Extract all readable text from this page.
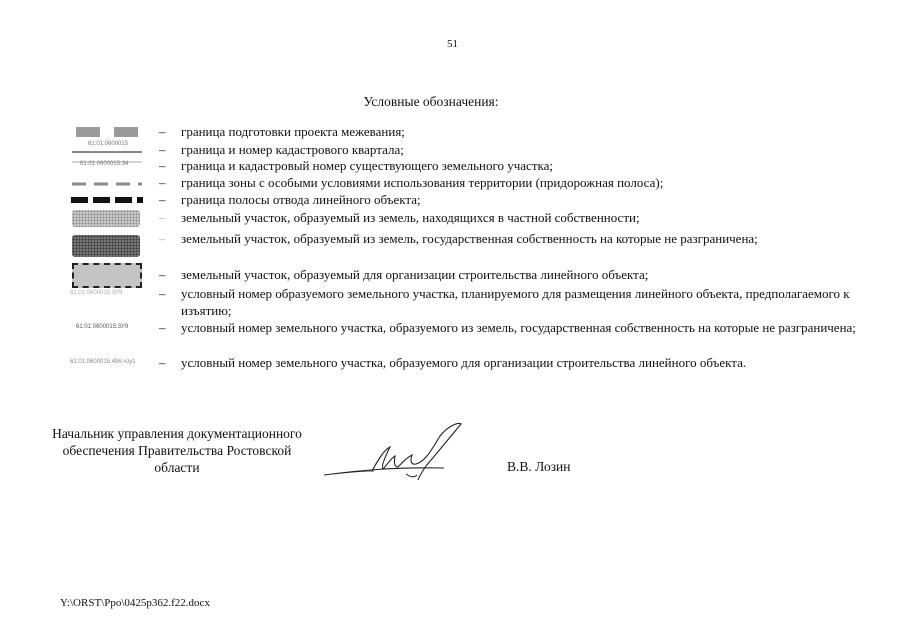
51
Условные обозначения:
– граница подготовки проекта межевания;
61:01:0600015 – граница и номер кадастрового квартала;
61:01:0600015:34 – граница и кадастровый номер существующего земельного участка;
– граница зоны с особыми условиями использования территории (придорожная полоса);
– граница полосы отвода линейного объекта;
– земельный участок, образуемый из земель, находящихся в частной собственности;
– земельный участок, образуемый из земель, государственная собственность на которые не разграничена;
– земельный участок, образуемый для организации строительства линейного объекта;
61:01:0600015:3У9	– условный номер образуемого земельного участка, планируемого для размещения линейного объекта, предполагаемого к изъятию;
61:01:0600015:3У9 – условный номер земельного участка, образуемого из земель, государственная собственность на которые не разграничена;
61:01:0600015:496:чзу1 – условный номер земельного участка, образуемого для организации строительства линейного объекта.
Начальник управления документационного обеспечения Правительства Ростовской области	В.В. Лозин
Y:\ORST\Ppo\0425p362.f22.docx
